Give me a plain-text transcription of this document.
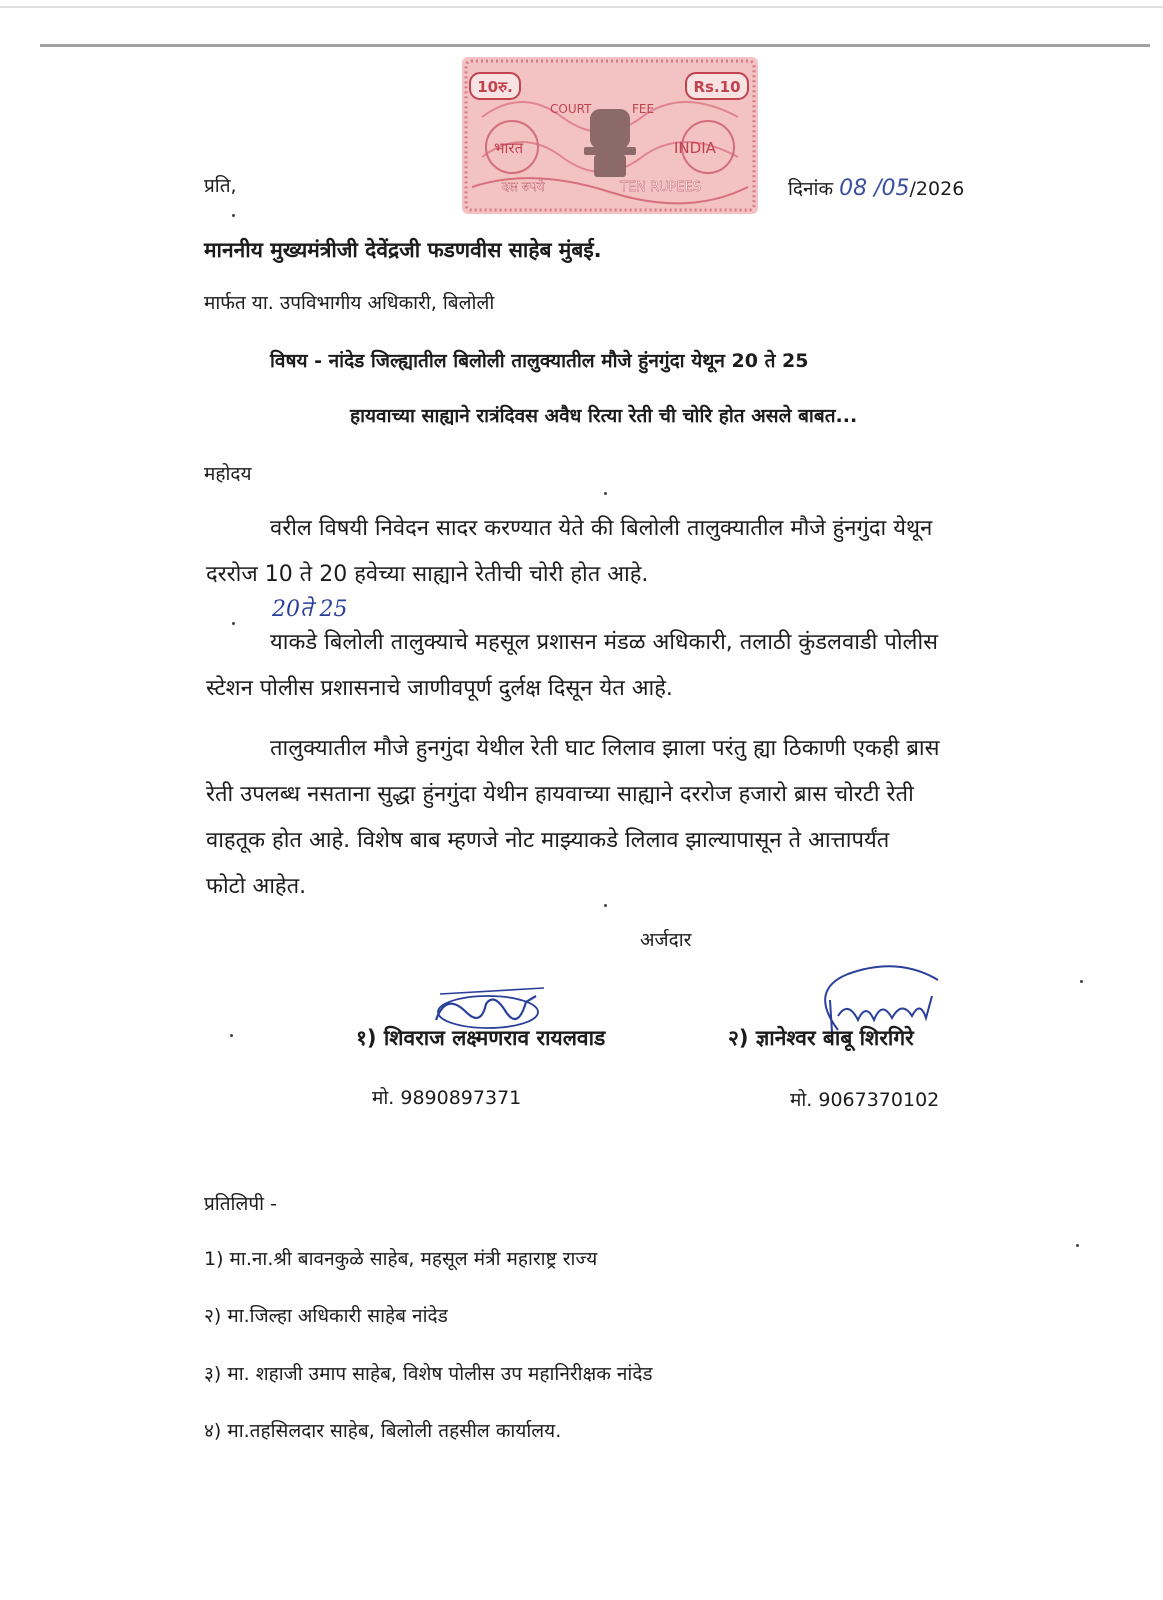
10रु.	Rs.10
COURT	FEE
भारत	INDIA
दस रुपये	TEN RUPEES
प्रति,	दिनांक 08 /05/2026
माननीय मुख्यमंत्रीजी देवेंद्रजी फडणवीस साहेब मुंबई.
मार्फत या. उपविभागीय अधिकारी, बिलोली
विषय - नांदेड जिल्ह्यातील बिलोली तालुक्यातील मौजे हुंनगुंदा येथून 20 ते 25
हायवाच्या साह्याने रात्रंदिवस अवैध रित्या रेती ची चोरि होत असले बाबत...
महोदय

वरील विषयी निवेदन सादर करण्यात येते की बिलोली तालुक्यातील मौजे हुंनगुंदा येथून

दररोज 10 ते 20 हवेच्या साह्याने रेतीची चोरी होत आहे.
20ते 25

याकडे बिलोली तालुक्याचे महसूल प्रशासन मंडळ अधिकारी, तलाठी कुंडलवाडी पोलीस

स्टेशन पोलीस प्रशासनाचे जाणीवपूर्ण दुर्लक्ष दिसून येत आहे.

तालुक्यातील मौजे हुनगुंदा येथील रेती घाट लिलाव झाला परंतु ह्या ठिकाणी एकही ब्रास

रेती उपलब्ध नसताना सुद्धा हुंनगुंदा येथीन हायवाच्या साह्याने दररोज हजारो ब्रास चोरटी रेती
वाहतूक होत आहे. विशेष बाब म्हणजे नोट माझ्याकडे लिलाव झाल्यापासून ते आत्तापर्यंत
फोटो आहेत.
अर्जदार
१) शिवराज लक्ष्मणराव रायलवाड	२) ज्ञानेश्वर बाबू शिरगिरे
मो. 9890897371	मो. 9067370102
प्रतिलिपी -
1) मा.ना.श्री बावनकुळे साहेब, महसूल मंत्री महाराष्ट्र राज्य
२) मा.जिल्हा अधिकारी साहेब नांदेड
३) मा. शहाजी उमाप साहेब, विशेष पोलीस उप महानिरीक्षक नांदेड
४) मा.तहसिलदार साहेब, बिलोली तहसील कार्यालय.
